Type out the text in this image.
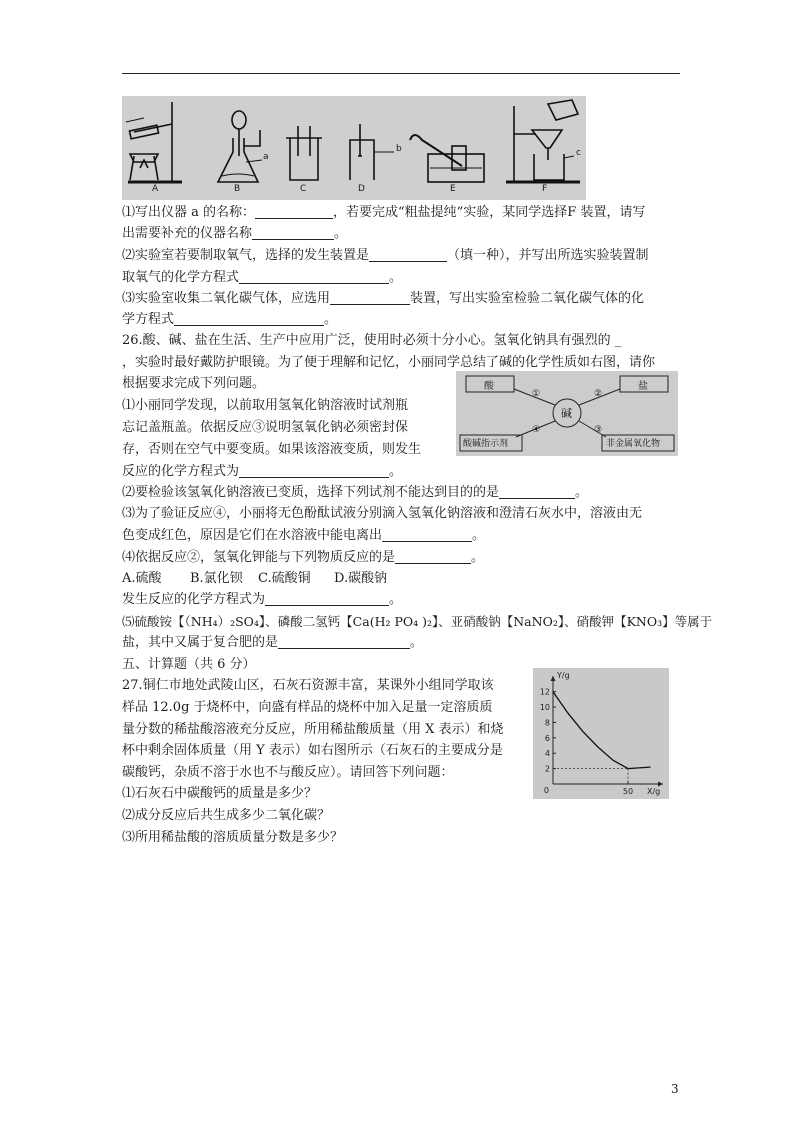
A	B	C	D	E	F
a
b	c
⑴写出仪器 a 的名称：	，若要完成“粗盐提纯”实验，某同学选择F 装置，请写
出需要补充的仪器名称	。
⑵实验室若要制取氧气，选择的发生装置是	（填一种），并写出所选实验装置制
取氧气的化学方程式	。
⑶实验室收集二氧化碳气体，应选用	装置，写出实验室检验二氧化碳气体的化
学方程式	。
26.酸、碱、盐在生活、生产中应用广泛，使用时必须十分小心。氢氧化钠具有强烈的 _
，实验时最好戴防护眼镜。为了便于理解和记忆，小丽同学总结了碱的化学性质如右图，请你
根据要求完成下列问题。
碱
酸	盐
酸碱指示剂	非金属氧化物
①	②
④	③
⑴小丽同学发现，以前取用氢氧化钠溶液时试剂瓶
忘记盖瓶盖。依据反应③说明氢氧化钠必须密封保
存，否则在空气中要变质。如果该溶液变质，则发生
反应的化学方程式为	。
⑵要检验该氢氧化钠溶液已变质，选择下列试剂不能达到目的的是	。
⑶为了验证反应④，小丽将无色酚酞试液分别滴入氢氧化钠溶液和澄清石灰水中，溶液由无
色变成红色，原因是它们在水溶液中能电离出	。
⑷依据反应②，氢氧化钾能与下列物质反应的是	。
A.硫酸 B.氯化钡 C.硫酸铜 D.碳酸钠
发生反应的化学方程式为	。
⑸硫酸铵【（NH₄）₂SO₄】、磷酸二氢钙【Ca(H₂ PO₄ )₂】、亚硝酸钠【NaNO₂】、硝酸钾【KNO₃】等属于
盐，其中又属于复合肥的是	。
五、计算题（共 6 分）
27.铜仁市地处武陵山区，石灰石资源丰富，某课外小组同学取该
样品 12.0g 于烧杯中，向盛有样品的烧杯中加入足量一定溶质质
量分数的稀盐酸溶液充分反应，所用稀盐酸质量（用 X 表示）和烧
杯中剩余固体质量（用 Y 表示）如右图所示（石灰石的主要成分是
碳酸钙，杂质不溶于水也不与酸反应）。请回答下列问题：
⑴石灰石中碳酸钙的质量是多少？
⑵成分反应后共生成多少二氧化碳？
⑶所用稀盐酸的溶质质量分数是多少？
2
4
6
8
10
12
50
Y/g
X/g
0
3
